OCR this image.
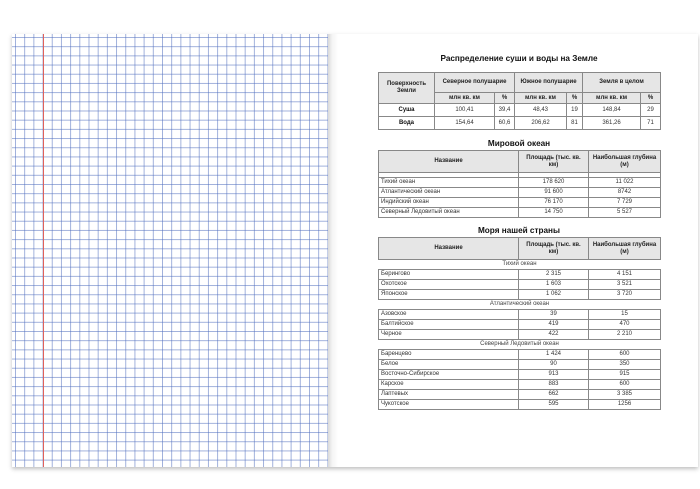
Распределение суши и воды на Земле
Поверхность Земли	Северное полушарие		Южное полушарие		Земля в целом	
	млн кв. км	%	млн кв. км	%	млн кв. км	%
Суша	100,41	39,4	48,43	19	148,84	29
Вода	154,64	60,6	206,62	81	361,26	71
Мировой океан
Название	Площадь (тыс. кв. км)	Наибольшая глубина (м)

Тихий океан	178 620	11 022
Атлантический океан	91 600	8742
Индийский океан	76 170	7 729
Северный Ледовитый океан	14 750	5 527
Моря нашей страны
Название	Площадь (тыс. кв. км)	Наибольшая глубина (м)
Тихий океан		
Берингово	2 315	4 151
Охотское	1 603	3 521
Японское	1 062	3 720
Атлантический океан		
Азовское	39	15
Балтийское	419	470
Черное	422	2 210
Северный Ледовитый океан		
Баренцево	1 424	600
Белое	90	350
Восточно-Сибирское	913	915
Карское	883	600
Лаптевых	662	3 385
Чукотское	595	1256
